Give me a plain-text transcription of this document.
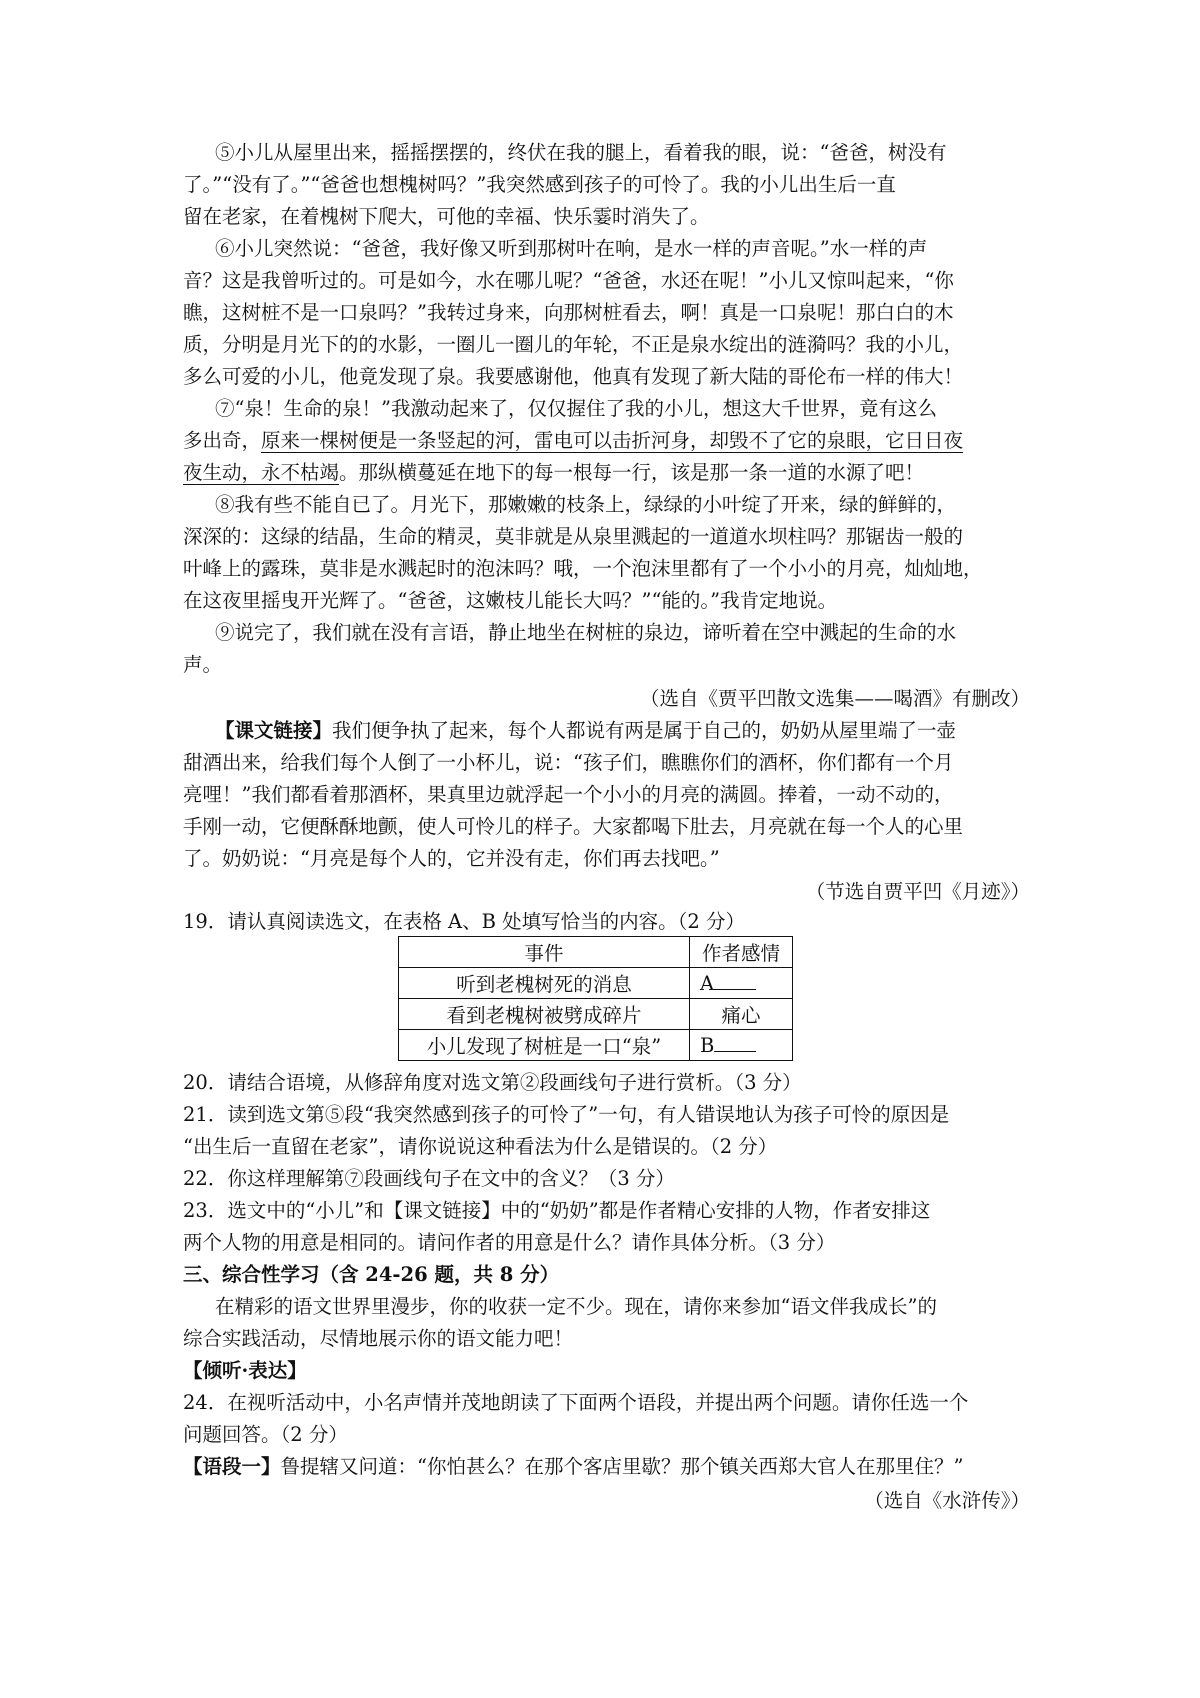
⑤小儿从屋里出来，摇摇摆摆的，终伏在我的腿上，看着我的眼，说：“爸爸，树没有
了。”“没有了。”“爸爸也想槐树吗？”我突然感到孩子的可怜了。我的小儿出生后一直
留在老家，在着槐树下爬大，可他的幸福、快乐霎时消失了。
⑥小儿突然说：“爸爸，我好像又听到那树叶在响，是水一样的声音呢。”水一样的声
音？这是我曾听过的。可是如今，水在哪儿呢？“爸爸，水还在呢！”小儿又惊叫起来，“你
瞧，这树桩不是一口泉吗？”我转过身来，向那树桩看去，啊！真是一口泉呢！那白白的木
质，分明是月光下的的水影，一圈儿一圈儿的年轮，不正是泉水绽出的涟漪吗？我的小儿，
多么可爱的小儿，他竟发现了泉。我要感谢他，他真有发现了新大陆的哥伦布一样的伟大！
⑦“泉！生命的泉！”我激动起来了，仅仅握住了我的小儿，想这大千世界，竟有这么
多出奇，原来一棵树便是一条竖起的河，雷电可以击折河身，却毁不了它的泉眼，它日日夜
夜生动，永不枯竭。那纵横蔓延在地下的每一根每一行，该是那一条一道的水源了吧！
⑧我有些不能自已了。月光下，那嫩嫩的枝条上，绿绿的小叶绽了开来，绿的鲜鲜的，
深深的：这绿的结晶，生命的精灵，莫非就是从泉里溅起的一道道水坝柱吗？那锯齿一般的
叶峰上的露珠，莫非是水溅起时的泡沫吗？哦，一个泡沫里都有了一个小小的月亮，灿灿地，
在这夜里摇曳开光辉了。“爸爸，这嫩枝儿能长大吗？”“能的。”我肯定地说。
⑨说完了，我们就在没有言语，静止地坐在树桩的泉边，谛听着在空中溅起的生命的水
声。
（选自《贾平凹散文选集——喝酒》有删改）
【课文链接】我们便争执了起来，每个人都说有两是属于自己的，奶奶从屋里端了一壶
甜酒出来，给我们每个人倒了一小杯儿，说：“孩子们，瞧瞧你们的酒杯，你们都有一个月
亮哩！”我们都看着那酒杯，果真里边就浮起一个小小的月亮的满圆。捧着，一动不动的，
手刚一动，它便酥酥地颤，使人可怜儿的样子。大家都喝下肚去，月亮就在每一个人的心里
了。奶奶说：“月亮是每个人的，它并没有走，你们再去找吧。”
（节选自贾平凹《月迹》）
19．请认真阅读选文，在表格 A、B 处填写恰当的内容。（2 分）
事件	作者感情
听到老槐树死的消息	A
看到老槐树被劈成碎片	痛心
小儿发现了树桩是一口“泉”	B
20．请结合语境，从修辞角度对选文第②段画线句子进行赏析。（3 分）
21．读到选文第⑤段“我突然感到孩子的可怜了”一句，有人错误地认为孩子可怜的原因是
“出生后一直留在老家”，请你说说这种看法为什么是错误的。（2 分）
22．你这样理解第⑦段画线句子在文中的含义？（3 分）
23．选文中的“小儿”和【课文链接】中的“奶奶”都是作者精心安排的人物，作者安排这
两个人物的用意是相同的。请问作者的用意是什么？请作具体分析。（3 分）
三、综合性学习（含 24-26 题，共 8 分）
在精彩的语文世界里漫步，你的收获一定不少。现在，请你来参加“语文伴我成长”的
综合实践活动，尽情地展示你的语文能力吧！
【倾听·表达】
24．在视听活动中，小名声情并茂地朗读了下面两个语段，并提出两个问题。请你任选一个
问题回答。（2 分）
【语段一】鲁提辖又问道：“你怕甚么？在那个客店里歇？那个镇关西郑大官人在那里住？”
（选自《水浒传》）
